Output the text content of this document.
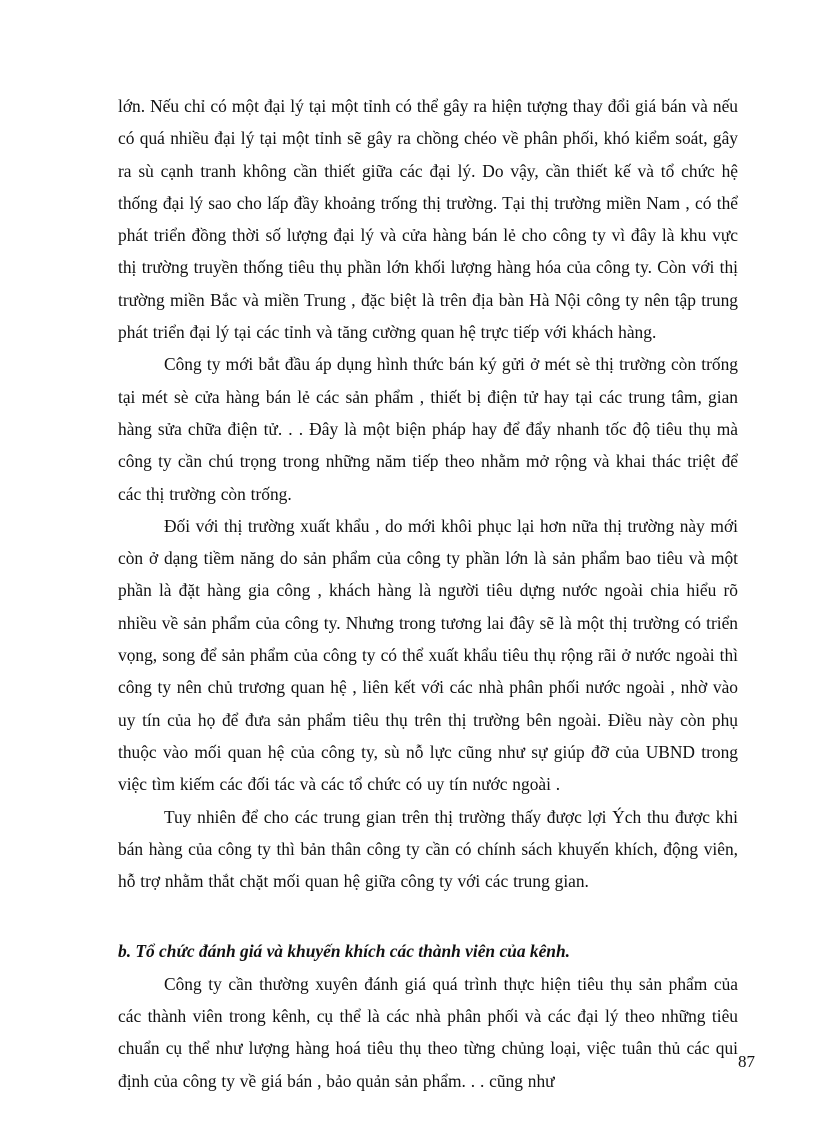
lớn. Nếu chỉ có một đại lý tại một tỉnh có thể gây ra hiện tượng thay đổi giá bán và nếu có quá nhiều đại lý tại một tỉnh sẽ gây ra chồng chéo về phân phối, khó kiểm soát, gây ra sù cạnh tranh không cần thiết giữa các đại lý. Do vậy, cần thiết kế và tổ chức hệ thống đại lý sao cho lấp đầy khoảng trống thị trường. Tại thị trường miền Nam , có thể phát triển đồng thời số lượng đại lý và cửa hàng bán lẻ cho công ty vì đây là khu vực thị trường truyền thống tiêu thụ phần lớn khối lượng hàng hóa của công ty. Còn với thị trường miền Bắc và miền Trung , đặc biệt là trên địa bàn Hà Nội công ty nên tập trung phát triển đại lý tại các tỉnh và tăng cường quan hệ trực tiếp với khách hàng.

Công ty mới bắt đầu áp dụng hình thức bán ký gửi ở mét sè thị trường còn trống tại mét sè cửa hàng bán lẻ các sản phẩm , thiết bị điện tử hay tại các trung tâm, gian hàng sửa chữa điện tử. . . Đây là một biện pháp hay để đẩy nhanh tốc độ tiêu thụ mà công ty cần chú trọng trong những năm tiếp theo nhằm mở rộng và khai thác triệt để các thị trường còn trống.

Đối với thị trường xuất khẩu , do mới khôi phục lại hơn nữa thị trường này mới còn ở dạng tiềm năng do sản phẩm của công ty phần lớn là sản phẩm bao tiêu và một phần là đặt hàng gia công , khách hàng là người tiêu dựng nước ngoài chia hiểu rõ nhiều về sản phẩm của công ty. Nhưng trong tương lai đây sẽ là một thị trường có triển vọng, song để sản phẩm của công ty có thể xuất khẩu tiêu thụ rộng rãi ở nước ngoài thì công ty nên chủ trương quan hệ , liên kết với các nhà phân phối nước ngoài , nhờ vào uy tín của họ để đưa sản phẩm tiêu thụ trên thị trường bên ngoài. Điều này còn phụ thuộc vào mối quan hệ của công ty, sù nỗ lực cũng như sự giúp đỡ của UBND trong việc tìm kiếm các đối tác và các tổ chức có uy tín nước ngoài .

Tuy nhiên để cho các trung gian trên thị trường thấy được lợi Ých thu được khi bán hàng của công ty thì bản thân công ty cần có chính sách khuyến khích, động viên, hỗ trợ nhằm thắt chặt mối quan hệ giữa công ty với các trung gian.

b. Tổ chức đánh giá và khuyến khích các thành viên của kênh.

Công ty cần thường xuyên đánh giá quá trình thực hiện tiêu thụ sản phẩm của các thành viên trong kênh, cụ thể là các nhà phân phối và các đại lý theo những tiêu chuẩn cụ thể như lượng hàng hoá tiêu thụ theo từng chủng loại, việc tuân thủ các qui định của công ty về giá bán , bảo quản sản phẩm. . . cũng như

87
